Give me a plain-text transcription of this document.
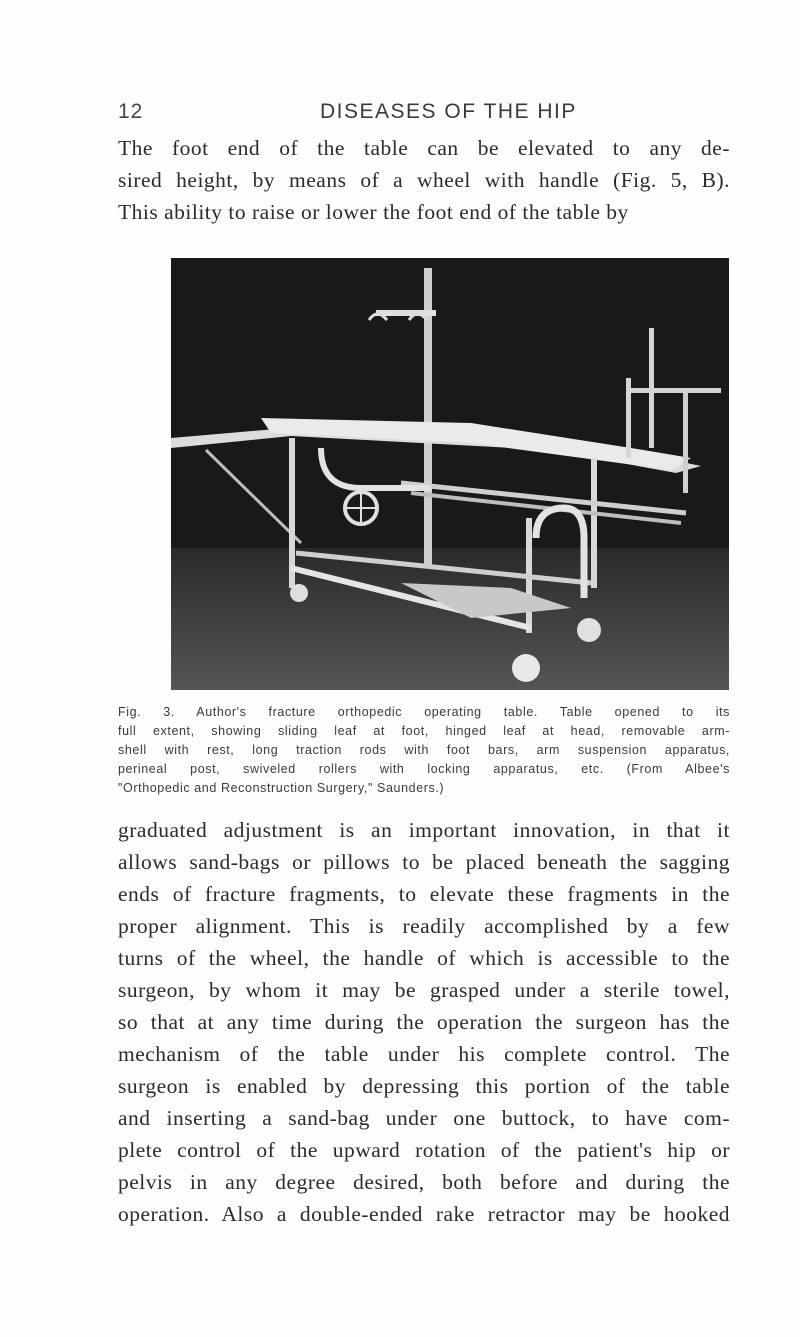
12	DISEASES OF THE HIP
The foot end of the table can be elevated to any de-
sired height, by means of a wheel with handle (Fig. 5, B).
This ability to raise or lower the foot end of the table by
Fig. 3. Author's fracture orthopedic operating table. Table opened to its
full extent, showing sliding leaf at foot, hinged leaf at head, removable arm-
shell with rest, long traction rods with foot bars, arm suspension apparatus,
perineal post, swiveled rollers with locking apparatus, etc. (From Albee's
"Orthopedic and Reconstruction Surgery," Saunders.)
graduated adjustment is an important innovation, in that it
allows sand-bags or pillows to be placed beneath the sagging
ends of fracture fragments, to elevate these fragments in the
proper alignment. This is readily accomplished by a few
turns of the wheel, the handle of which is accessible to the
surgeon, by whom it may be grasped under a sterile towel,
so that at any time during the operation the surgeon has the
mechanism of the table under his complete control. The
surgeon is enabled by depressing this portion of the table
and inserting a sand-bag under one buttock, to have com-
plete control of the upward rotation of the patient's hip or
pelvis in any degree desired, both before and during the
operation. Also a double-ended rake retractor may be hooked
